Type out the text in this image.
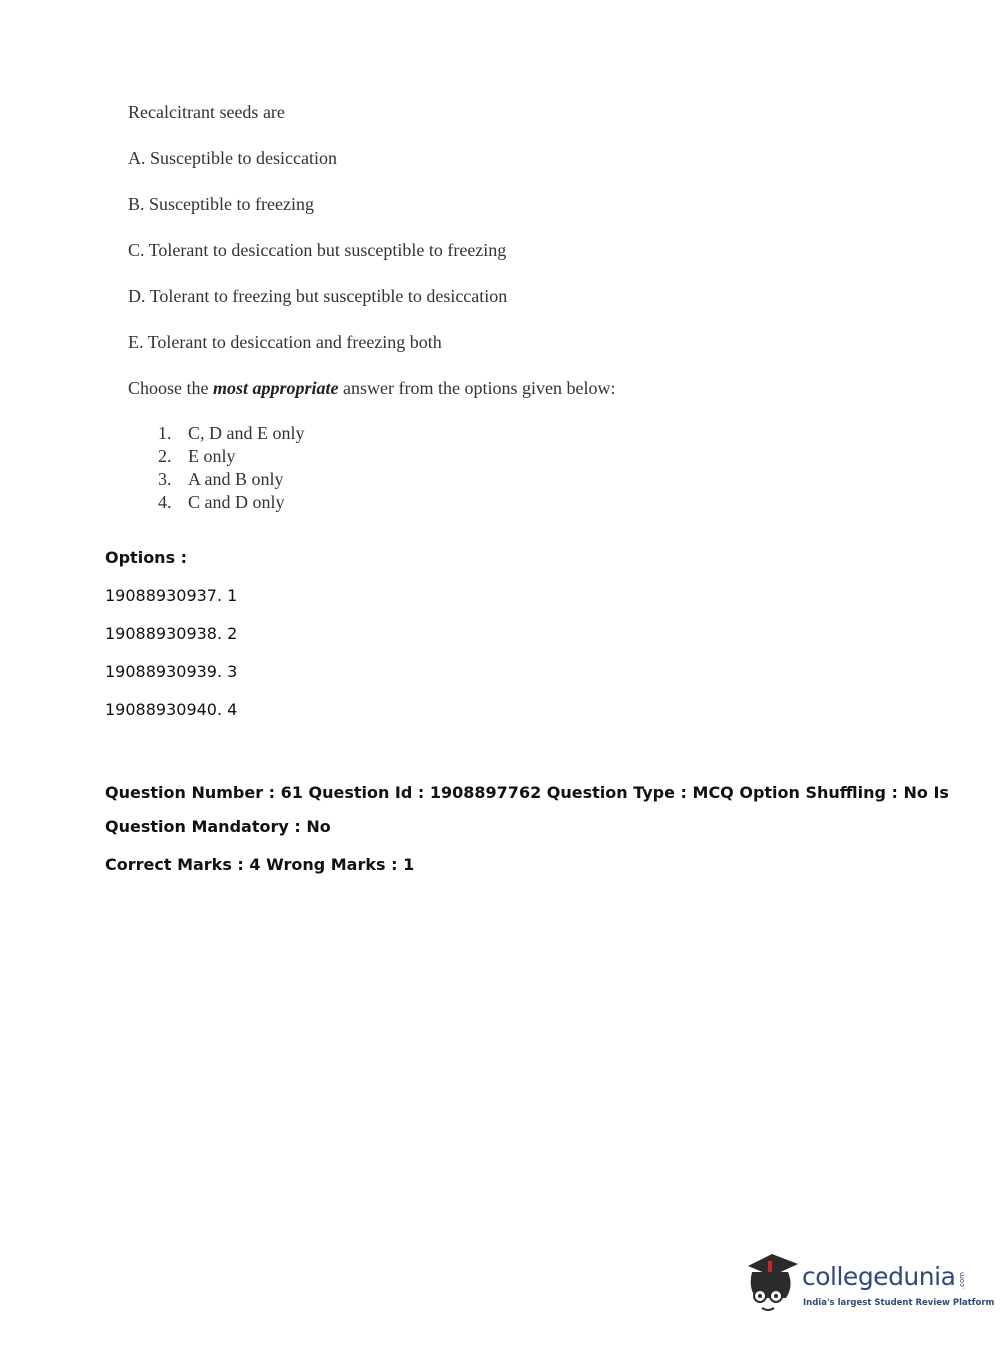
Recalcitrant seeds are

A. Susceptible to desiccation

B. Susceptible to freezing

C. Tolerant to desiccation but susceptible to freezing

D. Tolerant to freezing but susceptible to desiccation

E. Tolerant to desiccation and freezing both

Choose the most appropriate answer from the options given below:

1. C, D and E only
2. E only
3. A and B only
4. C and D only
Options :
19088930937. 1
19088930938. 2
19088930939. 3
19088930940. 4
Question Number : 61 Question Id : 1908897762 Question Type : MCQ Option Shuffling : No Is
Question Mandatory : No
Correct Marks : 4 Wrong Marks : 1
collegedunia .com
India's largest Student Review Platform
